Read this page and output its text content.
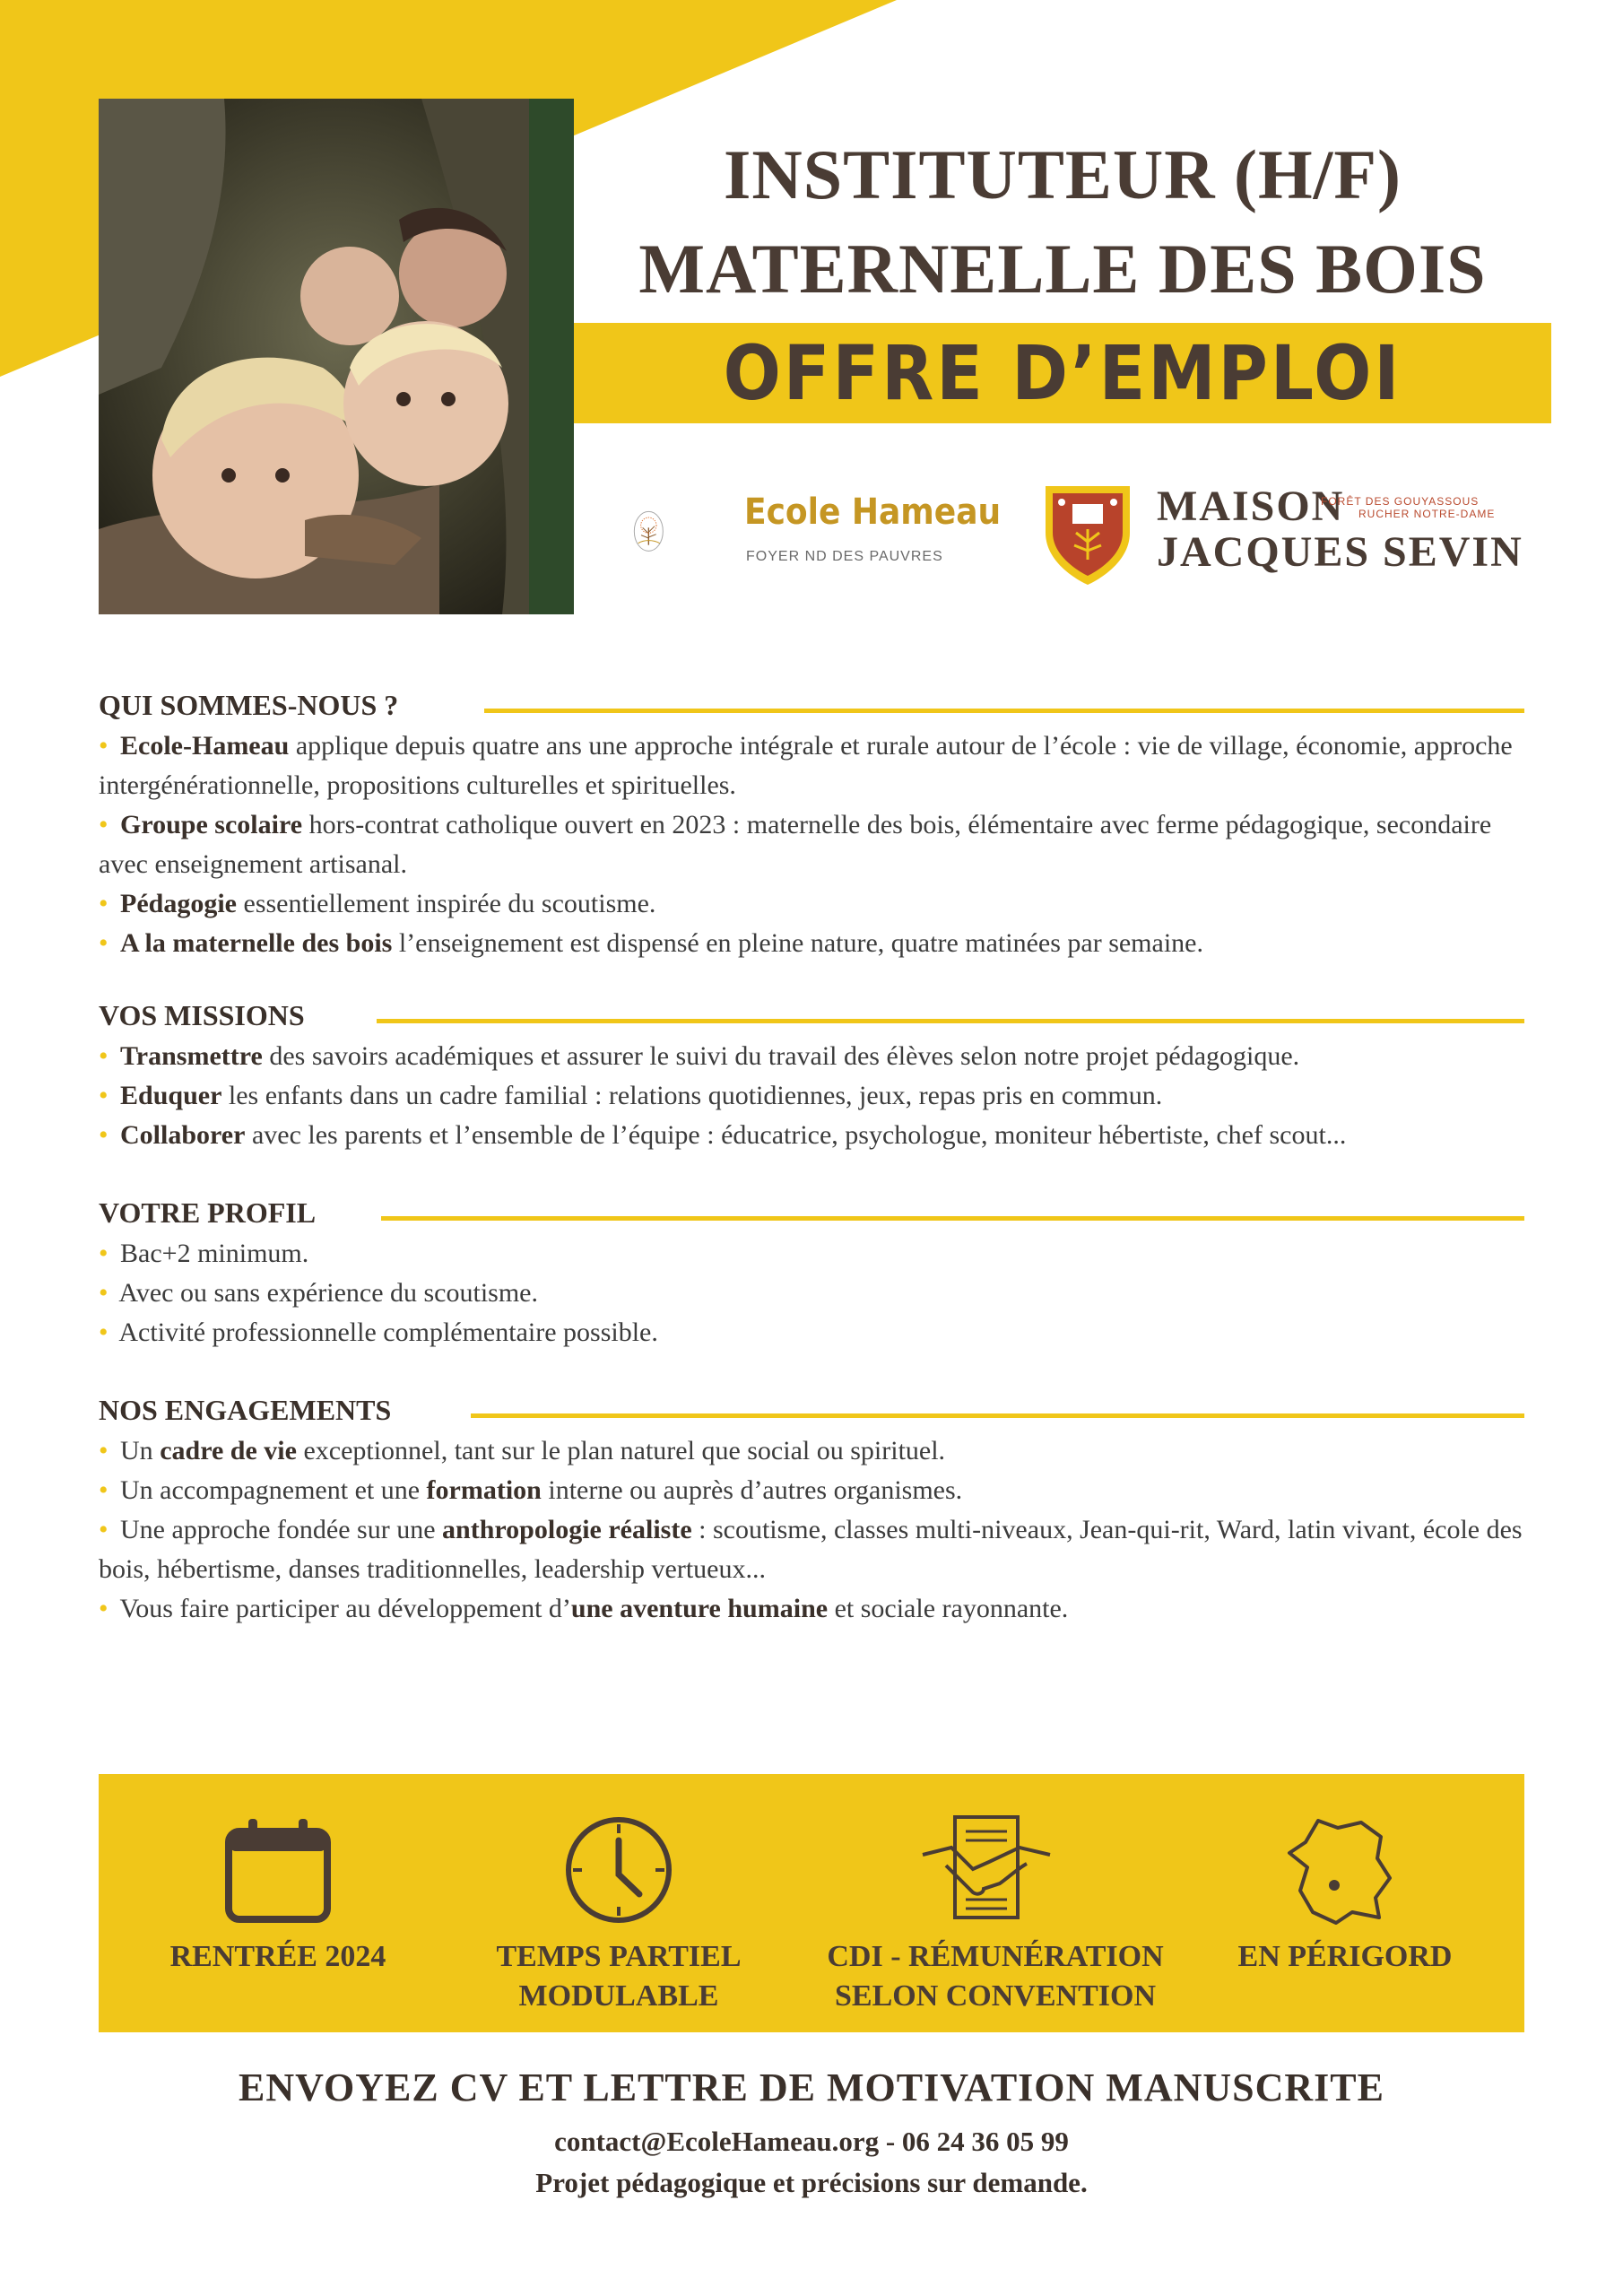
INSTITUTEUR (H/F)
MATERNELLE DES BOIS
OFFRE D’EMPLOI
Ecole Hameau
FOYER ND DES PAUVRES
MAISON
JACQUES SEVIN
FORÊT DES GOUYASSOUS
RUCHER NOTRE-DAME
QUI SOMMES-NOUS ?
• Ecole-Hameau applique depuis quatre ans une approche intégrale et rurale autour de l’école : vie de village, économie, approche intergénérationnelle, propositions culturelles et spirituelles.
• Groupe scolaire hors-contrat catholique ouvert en 2023 : maternelle des bois, élémentaire avec ferme pédagogique, secondaire avec enseignement artisanal.
• Pédagogie essentiellement inspirée du scoutisme.
• A la maternelle des bois l’enseignement est dispensé en pleine nature, quatre matinées par semaine.
VOS MISSIONS
• Transmettre des savoirs académiques et assurer le suivi du travail des élèves selon notre projet pédagogique.
• Eduquer les enfants dans un cadre familial : relations quotidiennes, jeux, repas pris en commun.
• Collaborer avec les parents et l’ensemble de l’équipe : éducatrice, psychologue, moniteur hébertiste, chef scout...
VOTRE PROFIL
• Bac+2 minimum.
• Avec ou sans expérience du scoutisme.
• Activité professionnelle complémentaire possible.
NOS ENGAGEMENTS
• Un cadre de vie exceptionnel, tant sur le plan naturel que social ou spirituel.
• Un accompagnement et une formation interne ou auprès d’autres organismes.
• Une approche fondée sur une anthropologie réaliste : scoutisme, classes multi-niveaux, Jean-qui-rit, Ward, latin vivant, école des bois, hébertisme, danses traditionnelles, leadership vertueux...
• Vous faire participer au développement d’une aventure humaine et sociale rayonnante.
RENTRÉE 2024	TEMPS PARTIEL
MODULABLE
CDI - RÉMUNÉRATION
SELON CONVENTION
EN PÉRIGORD
ENVOYEZ CV ET LETTRE DE MOTIVATION MANUSCRITE
contact@EcoleHameau.org - 06 24 36 05 99
Projet pédagogique et précisions sur demande.
